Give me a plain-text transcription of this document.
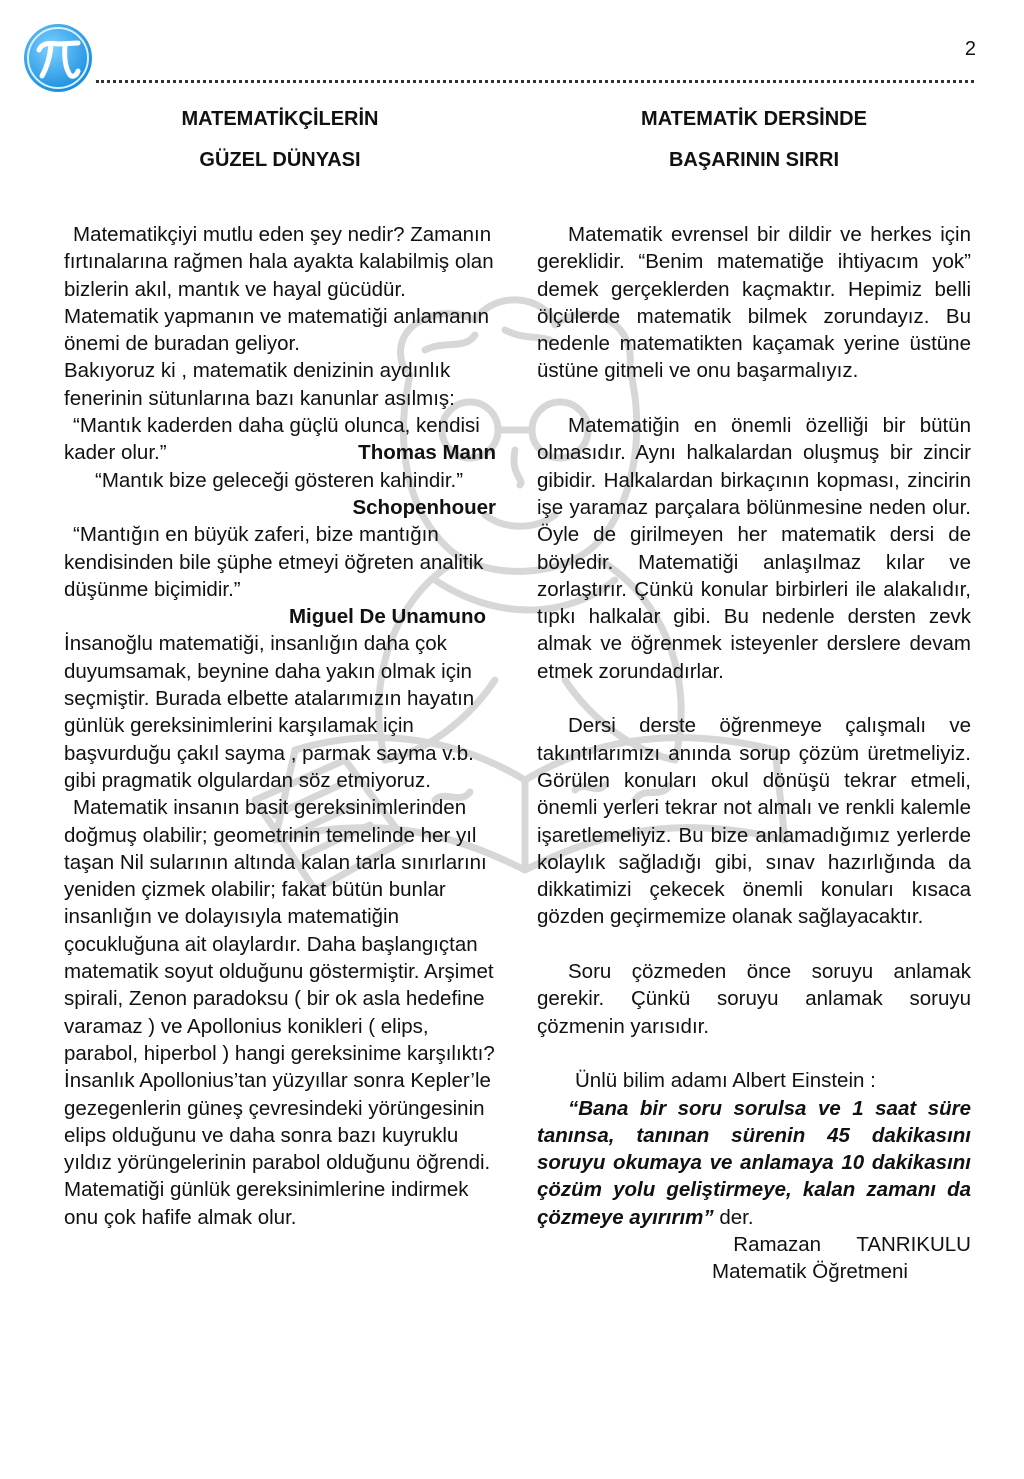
2
MATEMATİKÇİLERİN
GÜZEL DÜNYASI

Matematikçiyi mutlu eden şey nedir? Zamanın fırtınalarına rağmen hala ayakta kalabilmiş olan bizlerin akıl, mantık ve hayal gücüdür. Matematik yapmanın ve matematiği anlamanın önemi de buradan geliyor.

Bakıyoruz ki , matematik denizinin aydınlık fenerinin sütunlarına bazı kanunlar asılmış:

“Mantık kaderden daha güçlü olunca, kendisi kader olur.”	Thomas Mann

“Mantık bize geleceği gösteren kahindir.”

Schopenhouer

“Mantığın en büyük zaferi, bize mantığın kendisinden bile şüphe etmeyi öğreten analitik düşünme biçimidir.”

Miguel De Unamuno

İnsanoğlu matematiği, insanlığın daha çok duyumsamak, beynine daha yakın olmak için seçmiştir. Burada elbette atalarımızın hayatın günlük gereksinimlerini karşılamak için başvurduğu çakıl sayma , parmak sayma v.b. gibi pragmatik olgulardan söz etmiyoruz.

Matematik insanın basit gereksinimlerinden doğmuş olabilir; geometrinin temelinde her yıl taşan Nil sularının altında kalan tarla sınırlarını yeniden çizmek olabilir; fakat bütün bunlar insanlığın ve dolayısıyla matematiğin çocukluğuna ait olaylardır. Daha başlangıçtan matematik soyut olduğunu göstermiştir. Arşimet spirali, Zenon paradoksu ( bir ok asla hedefine varamaz ) ve Apollonius konikleri ( elips, parabol, hiperbol ) hangi gereksinime karşılıktı? İnsanlık Apollonius’tan yüzyıllar sonra Kepler’le gezegenlerin güneş çevresindeki yörüngesinin elips olduğunu ve daha sonra bazı kuyruklu yıldız yörüngelerinin parabol olduğunu öğrendi. Matematiği günlük gereksinimlerine indirmek onu çok hafife almak olur.

MATEMATİK DERSİNDE
BAŞARININ SIRRI

Matematik evrensel bir dildir ve herkes için gereklidir. “Benim matematiğe ihtiyacım yok” demek gerçeklerden kaçmaktır. Hepimiz belli ölçülerde matematik bilmek zorundayız. Bu nedenle matematikten kaçamak yerine üstüne üstüne gitmeli ve onu başarmalıyız.

Matematiğin en önemli özelliği bir bütün olmasıdır. Aynı halkalardan oluşmuş bir zincir gibidir. Halkalardan birkaçının kopması, zincirin işe yaramaz parçalara bölünmesine neden olur. Öyle de girilmeyen her matematik dersi de böyledir. Matematiği anlaşılmaz kılar ve zorlaştırır. Çünkü konular birbirleri ile alakalıdır, tıpkı halkalar gibi. Bu nedenle dersten zevk almak ve öğrenmek isteyenler derslere devam etmek zorundadırlar.

Dersi derste öğrenmeye çalışmalı ve takıntılarımızı anında sorup çözüm üretmeliyiz. Görülen konuları okul dönüşü tekrar etmeli, önemli yerleri tekrar not almalı ve renkli kalemle işaretlemeliyiz. Bu bize anlamadığımız yerlerde kolaylık sağladığı gibi, sınav hazırlığında da dikkatimizi çekecek önemli konuları kısaca gözden geçirmemize olanak sağlayacaktır.

Soru çözmeden önce soruyu anlamak gerekir. Çünkü soruyu anlamak soruyu çözmenin yarısıdır.

Ünlü bilim adamı Albert Einstein :

“Bana bir soru sorulsa ve 1 saat süre tanınsa, tanınan sürenin 45 dakikasını soruyu okumaya ve anlamaya 10 dakikasını çözüm yolu geliştirmeye, kalan zamanı da çözmeye ayırırım” der.

Ramazan TANRIKULU

Matematik Öğretmeni
